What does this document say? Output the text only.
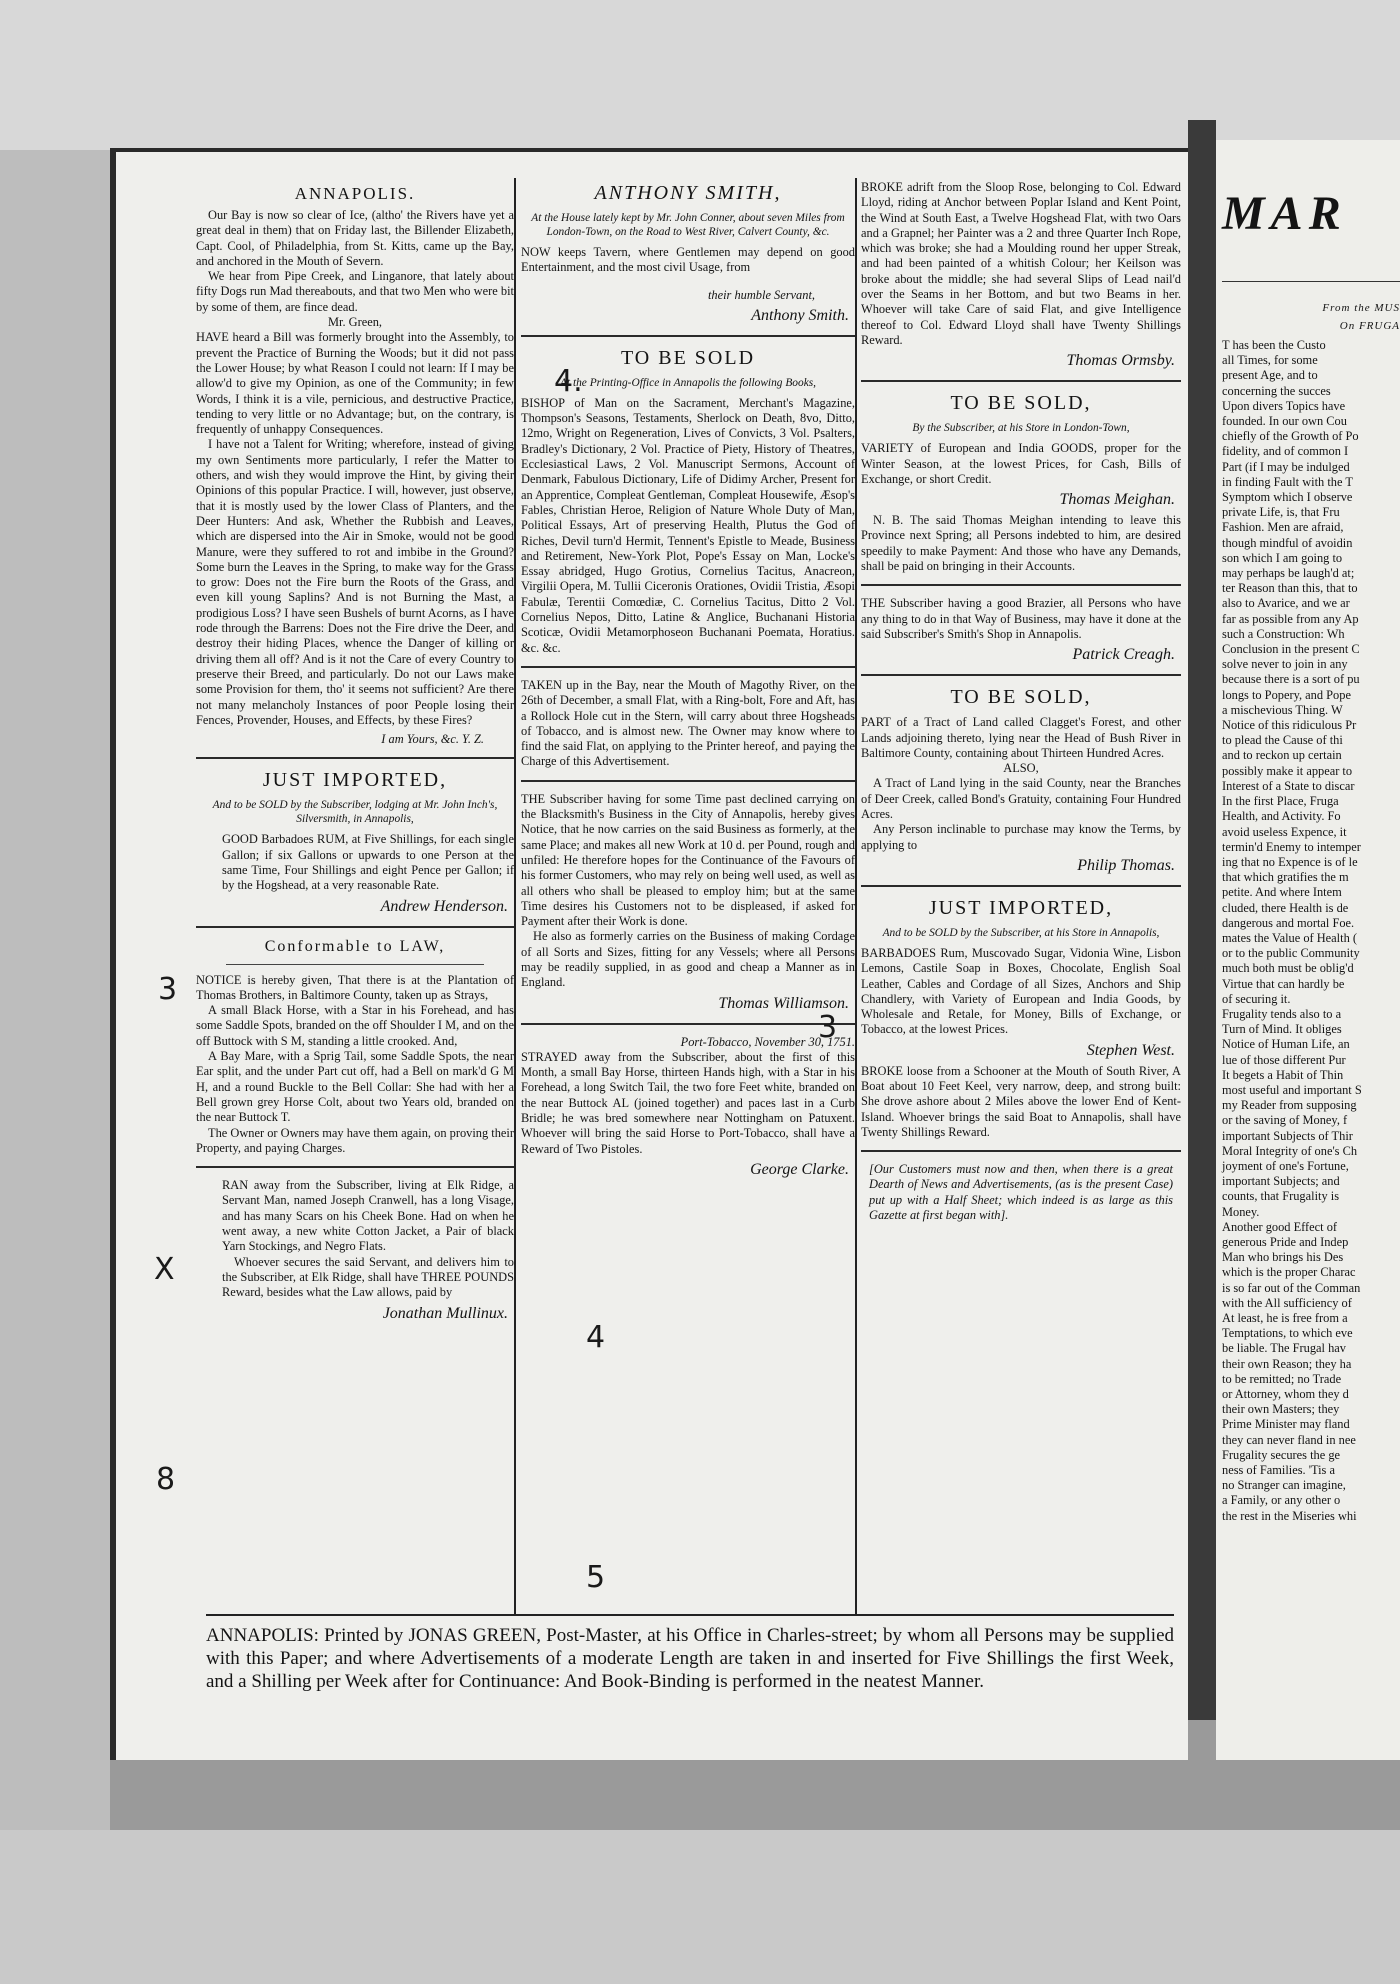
ANNAPOLIS.

Our Bay is now so clear of Ice, (altho' the Rivers have yet a great deal in them) that on Friday last, the Billender Elizabeth, Capt. Cool, of Philadelphia, from St. Kitts, came up the Bay, and anchored in the Mouth of Severn.

We hear from Pipe Creek, and Linganore, that lately about fifty Dogs run Mad thereabouts, and that two Men who were bit by some of them, are fince dead.

Mr. Green,

HAVE heard a Bill was formerly brought into the Assembly, to prevent the Practice of Burning the Woods; but it did not pass the Lower House; by what Reason I could not learn: If I may be allow'd to give my Opinion, as one of the Community; in few Words, I think it is a vile, pernicious, and destructive Practice, tending to very little or no Advantage; but, on the contrary, is frequently of unhappy Consequences.

I have not a Talent for Writing; wherefore, instead of giving my own Sentiments more particularly, I refer the Matter to others, and wish they would improve the Hint, by giving their Opinions of this popular Practice. I will, however, just observe, that it is mostly used by the lower Class of Planters, and the Deer Hunters: And ask, Whether the Rubbish and Leaves, which are dispersed into the Air in Smoke, would not be good Manure, were they suffered to rot and imbibe in the Ground? Some burn the Leaves in the Spring, to make way for the Grass to grow: Does not the Fire burn the Roots of the Grass, and even kill young Saplins? And is not Burning the Mast, a prodigious Loss? I have seen Bushels of burnt Acorns, as I have rode through the Barrens: Does not the Fire drive the Deer, and destroy their hiding Places, whence the Danger of killing or driving them all off? And is it not the Care of every Country to preserve their Breed, and particularly. Do not our Laws make some Provision for them, tho' it seems not sufficient? Are there not many melancholy Instances of poor People losing their Fences, Provender, Houses, and Effects, by these Fires?

I am Yours, &c. Y. Z.

JUST IMPORTED,

And to be SOLD by the Subscriber, lodging at Mr. John Inch's, Silversmith, in Annapolis,

GOOD Barbadoes RUM, at Five Shillings, for each single Gallon; if six Gallons or upwards to one Person at the same Time, Four Shillings and eight Pence per Gallon; if by the Hogshead, at a very reasonable Rate.

Andrew Henderson.

Conformable to LAW,

NOTICE is hereby given, That there is at the Plantation of Thomas Brothers, in Baltimore County, taken up as Strays,

A small Black Horse, with a Star in his Forehead, and has some Saddle Spots, branded on the off Shoulder I M, and on the off Buttock with S M, standing a little crooked. And,

A Bay Mare, with a Sprig Tail, some Saddle Spots, the near Ear split, and the under Part cut off, had a Bell on mark'd G M H, and a round Buckle to the Bell Collar: She had with her a Bell grown grey Horse Colt, about two Years old, branded on the near Buttock T.

The Owner or Owners may have them again, on proving their Property, and paying Charges.

RAN away from the Subscriber, living at Elk Ridge, a Servant Man, named Joseph Cranwell, has a long Visage, and has many Scars on his Cheek Bone. Had on when he went away, a new white Cotton Jacket, a Pair of black Yarn Stockings, and Negro Flats.

Whoever secures the said Servant, and delivers him to the Subscriber, at Elk Ridge, shall have THREE POUNDS Reward, besides what the Law allows, paid by

Jonathan Mullinux.

ANTHONY SMITH,

At the House lately kept by Mr. John Conner, about seven Miles from London-Town, on the Road to West River, Calvert County, &c.

NOW keeps Tavern, where Gentlemen may depend on good Entertainment, and the most civil Usage, from

their humble Servant,

Anthony Smith.

TO BE SOLD

At the Printing-Office in Annapolis the following Books,

BISHOP of Man on the Sacrament, Merchant's Magazine, Thompson's Seasons, Testaments, Sherlock on Death, 8vo, Ditto, 12mo, Wright on Regeneration, Lives of Convicts, 3 Vol. Psalters, Bradley's Dictionary, 2 Vol. Practice of Piety, History of Theatres, Ecclesiastical Laws, 2 Vol. Manuscript Sermons, Account of Denmark, Fabulous Dictionary, Life of Didimy Archer, Present for an Apprentice, Compleat Gentleman, Compleat Housewife, Æsop's Fables, Christian Heroe, Religion of Nature Whole Duty of Man, Political Essays, Art of preserving Health, Plutus the God of Riches, Devil turn'd Hermit, Tennent's Epistle to Meade, Business and Retirement, New-York Plot, Pope's Essay on Man, Locke's Essay abridged, Hugo Grotius, Cornelius Tacitus, Anacreon, Virgilii Opera, M. Tullii Ciceronis Orationes, Ovidii Tristia, Æsopi Fabulæ, Terentii Comœdiæ, C. Cornelius Tacitus, Ditto 2 Vol. Cornelius Nepos, Ditto, Latine & Anglice, Buchanani Historia Scoticæ, Ovidii Metamorphoseon Buchanani Poemata, Horatius. &c. &c.

TAKEN up in the Bay, near the Mouth of Magothy River, on the 26th of December, a small Flat, with a Ring-bolt, Fore and Aft, has a Rollock Hole cut in the Stern, will carry about three Hogsheads of Tobacco, and is almost new. The Owner may know where to find the said Flat, on applying to the Printer hereof, and paying the Charge of this Advertisement.

THE Subscriber having for some Time past declined carrying on the Blacksmith's Business in the City of Annapolis, hereby gives Notice, that he now carries on the said Business as formerly, at the same Place; and makes all new Work at 10 d. per Pound, rough and unfiled: He therefore hopes for the Continuance of the Favours of his former Customers, who may rely on being well used, as well as all others who shall be pleased to employ him; but at the same Time desires his Customers not to be displeased, if asked for Payment after their Work is done.

He also as formerly carries on the Business of making Cordage of all Sorts and Sizes, fitting for any Vessels; where all Persons may be readily supplied, in as good and cheap a Manner as in England.

Thomas Williamson.

Port-Tobacco, November 30, 1751.

STRAYED away from the Subscriber, about the first of this Month, a small Bay Horse, thirteen Hands high, with a Star in his Forehead, a long Switch Tail, the two fore Feet white, branded on the near Buttock AL (joined together) and paces last in a Curb Bridle; he was bred somewhere near Nottingham on Patuxent. Whoever will bring the said Horse to Port-Tobacco, shall have a Reward of Two Pistoles.

George Clarke.

BROKE adrift from the Sloop Rose, belonging to Col. Edward Lloyd, riding at Anchor between Poplar Island and Kent Point, the Wind at South East, a Twelve Hogshead Flat, with two Oars and a Grapnel; her Painter was a 2 and three Quarter Inch Rope, which was broke; she had a Moulding round her upper Streak, and had been painted of a whitish Colour; her Keilson was broke about the middle; she had several Slips of Lead nail'd over the Seams in her Bottom, and but two Beams in her. Whoever will take Care of said Flat, and give Intelligence thereof to Col. Edward Lloyd shall have Twenty Shillings Reward.

Thomas Ormsby.

TO BE SOLD,

By the Subscriber, at his Store in London-Town,

VARIETY of European and India GOODS, proper for the Winter Season, at the lowest Prices, for Cash, Bills of Exchange, or short Credit.

Thomas Meighan.

N. B. The said Thomas Meighan intending to leave this Province next Spring; all Persons indebted to him, are desired speedily to make Payment: And those who have any Demands, shall be paid on bringing in their Accounts.

THE Subscriber having a good Brazier, all Persons who have any thing to do in that Way of Business, may have it done at the said Subscriber's Smith's Shop in Annapolis.

Patrick Creagh.

TO BE SOLD,

PART of a Tract of Land called Clagget's Forest, and other Lands adjoining thereto, lying near the Head of Bush River in Baltimore County, containing about Thirteen Hundred Acres.

ALSO,

A Tract of Land lying in the said County, near the Branches of Deer Creek, called Bond's Gratuity, containing Four Hundred Acres.

Any Person inclinable to purchase may know the Terms, by applying to

Philip Thomas.

JUST IMPORTED,

And to be SOLD by the Subscriber, at his Store in Annapolis,

BARBADOES Rum, Muscovado Sugar, Vidonia Wine, Lisbon Lemons, Castile Soap in Boxes, Chocolate, English Soal Leather, Cables and Cordage of all Sizes, Anchors and Ship Chandlery, with Variety of European and India Goods, by Wholesale and Retale, for Money, Bills of Exchange, or Tobacco, at the lowest Prices.

Stephen West.

BROKE loose from a Schooner at the Mouth of South River, A Boat about 10 Feet Keel, very narrow, deep, and strong built: She drove ashore about 2 Miles above the lower End of Kent-Island. Whoever brings the said Boat to Annapolis, shall have Twenty Shillings Reward.

[Our Customers must now and then, when there is a great Dearth of News and Advertisements, (as is the present Case) put up with a Half Sheet; which indeed is as large as this Gazette at first began with].

ANNAPOLIS: Printed by JONAS GREEN, Post-Master, at his Office in Charles-street; by whom all Persons may be supplied with this Paper; and where Advertisements of a moderate Length are taken in and inserted for Five Shillings the first Week, and a Shilling per Week after for Continuance: And Book-Binding is performed in the neatest Manner.

4.
3
3
4
5
X
8
MAR

From the MUS

On FRUGA

T has been the Custo

all Times, for some

present Age, and to

concerning the succes

Upon divers Topics have

founded. In our own Cou

chiefly of the Growth of Po

fidelity, and of common I

Part (if I may be indulged

in finding Fault with the T

Symptom which I observe

private Life, is, that Fru

Fashion. Men are afraid,

though mindful of avoidin

son which I am going to

may perhaps be laugh'd at;

ter Reason than this, that to

also to Avarice, and we ar

far as possible from any Ap

such a Construction: Wh

Conclusion in the present C

solve never to join in any

because there is a sort of pu

longs to Popery, and Pope

a mischevious Thing. W

Notice of this ridiculous Pr

to plead the Cause of thi

and to reckon up certain

possibly make it appear to

Interest of a State to discar

In the first Place, Fruga

Health, and Activity. Fo

avoid useless Expence, it

termin'd Enemy to intemper

ing that no Expence is of le

that which gratifies the m

petite. And where Intem

cluded, there Health is de

dangerous and mortal Foe.

mates the Value of Health (

or to the public Community

much both must be oblig'd

Virtue that can hardly be

of securing it.

Frugality tends also to a

Turn of Mind. It obliges

Notice of Human Life, an

lue of those different Pur

It begets a Habit of Thin

most useful and important S

my Reader from supposing

or the saving of Money, f

important Subjects of Thir

Moral Integrity of one's Ch

joyment of one's Fortune,

important Subjects; and

counts, that Frugality is

Money.

Another good Effect of

generous Pride and Indep

Man who brings his Des

which is the proper Charac

is so far out of the Comman

with the All sufficiency of

At least, he is free from a

Temptations, to which eve

be liable. The Frugal hav

their own Reason; they ha

to be remitted; no Trade

or Attorney, whom they d

their own Masters; they

Prime Minister may fland

they can never fland in nee

Frugality secures the ge

ness of Families. 'Tis a

no Stranger can imagine,

a Family, or any other o

the rest in the Miseries whi
